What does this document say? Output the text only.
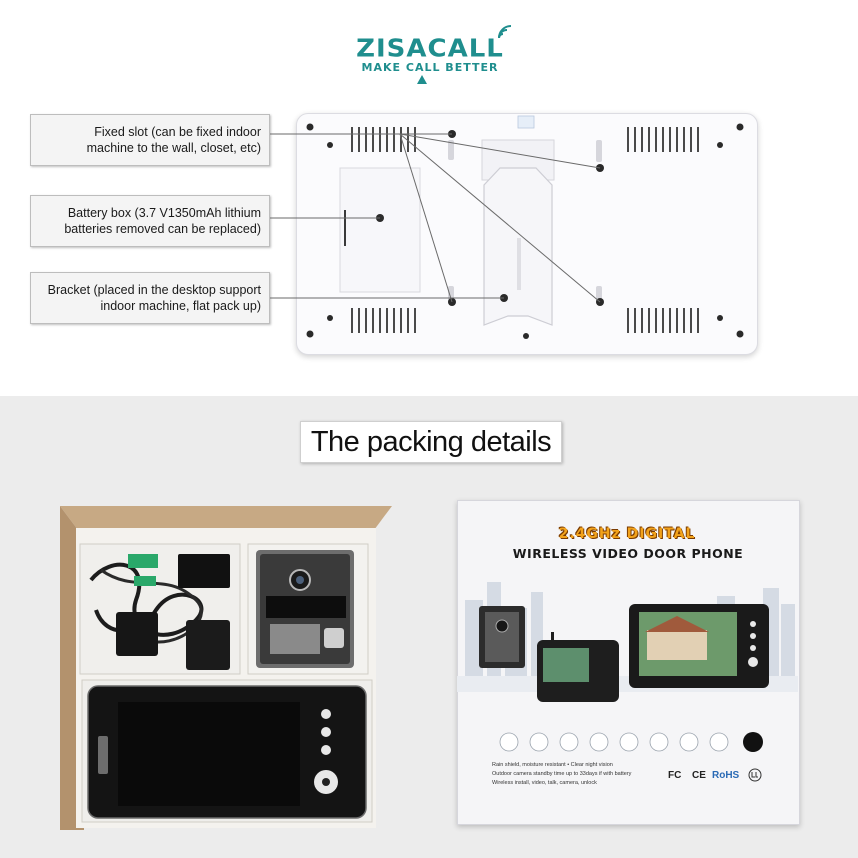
ZISACALL
MAKE CALL BETTER
Fixed slot (can be fixed indoor
machine to the wall, closet, etc)
Battery box (3.7 V1350mAh lithium
batteries removed can be replaced)
Bracket (placed in the desktop support
indoor machine, flat pack up)
The packing details
2.4GHz DIGITAL
WIRELESS VIDEO DOOR PHONE
Rain shield, moisture resistant • Clear night vision
Outdoor camera standby time up to 33days if with battery
Wireless install, video, talk, camera, unlock
FC CE RoHS
